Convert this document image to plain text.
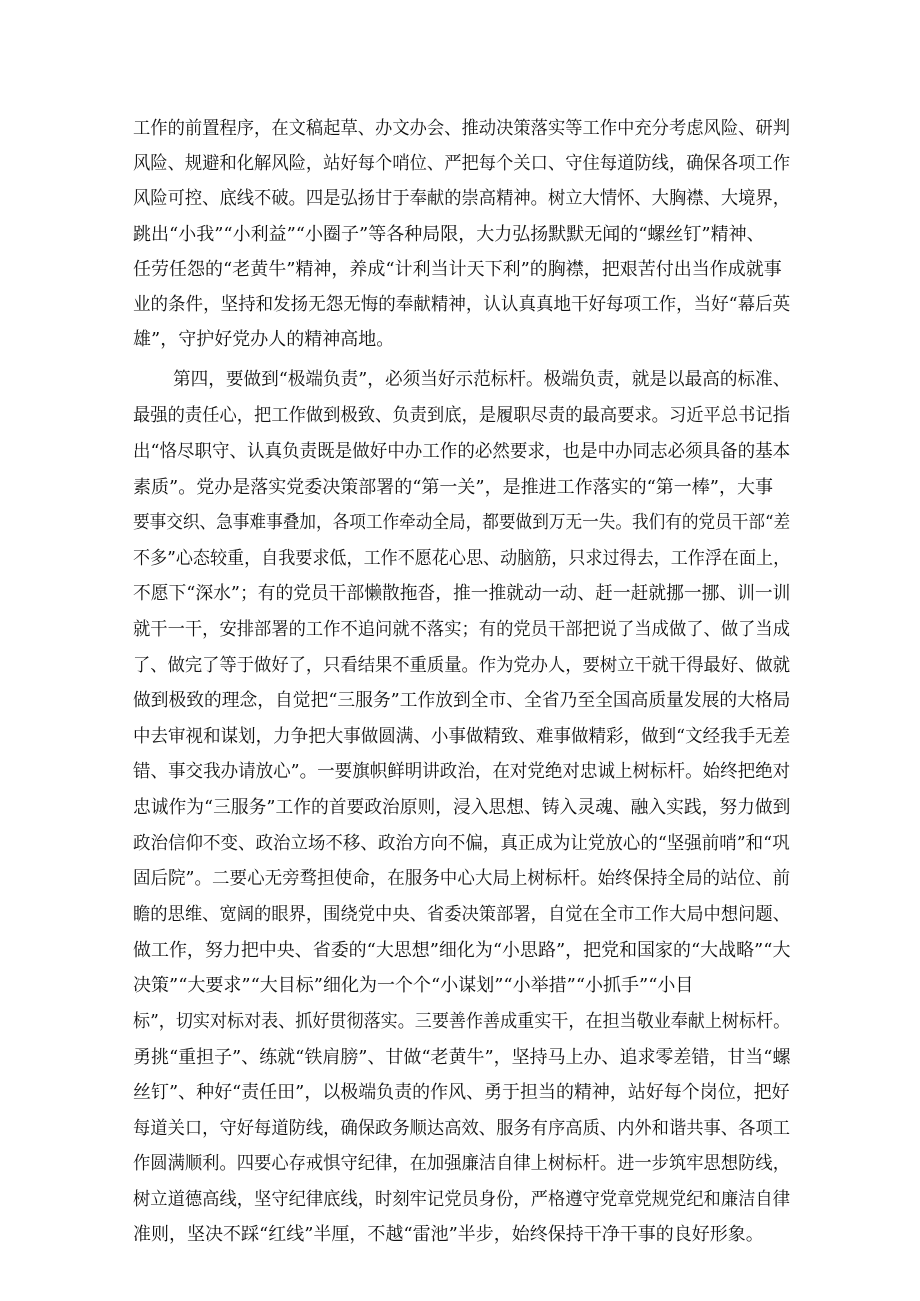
工作的前置程序，在文稿起草、办文办会、推动决策落实等工作中充分考虑风险、研判
风险、规避和化解风险，站好每个哨位、严把每个关口、守住每道防线，确保各项工作
风险可控、底线不破。四是弘扬甘于奉献的崇高精神。树立大情怀、大胸襟、大境界，
跳出“小我”“小利益”“小圈子”等各种局限，大力弘扬默默无闻的“螺丝钉”精神、
任劳任怨的“老黄牛”精神，养成“计利当计天下利”的胸襟，把艰苦付出当作成就事
业的条件，坚持和发扬无怨无悔的奉献精神，认认真真地干好每项工作，当好“幕后英
雄”，守护好党办人的精神高地。
第四，要做到“极端负责”，必须当好示范标杆。极端负责，就是以最高的标准、
最强的责任心，把工作做到极致、负责到底，是履职尽责的最高要求。习近平总书记指
出“恪尽职守、认真负责既是做好中办工作的必然要求，也是中办同志必须具备的基本
素质”。党办是落实党委决策部署的“第一关”，是推进工作落实的“第一棒”，大事
要事交织、急事难事叠加，各项工作牵动全局，都要做到万无一失。我们有的党员干部“差
不多”心态较重，自我要求低，工作不愿花心思、动脑筋，只求过得去，工作浮在面上，
不愿下“深水”；有的党员干部懒散拖沓，推一推就动一动、赶一赶就挪一挪、训一训
就干一干，安排部署的工作不追问就不落实；有的党员干部把说了当成做了、做了当成
了、做完了等于做好了，只看结果不重质量。作为党办人，要树立干就干得最好、做就
做到极致的理念，自觉把“三服务”工作放到全市、全省乃至全国高质量发展的大格局
中去审视和谋划，力争把大事做圆满、小事做精致、难事做精彩，做到“文经我手无差
错、事交我办请放心”。一要旗帜鲜明讲政治，在对党绝对忠诚上树标杆。始终把绝对
忠诚作为“三服务”工作的首要政治原则，浸入思想、铸入灵魂、融入实践，努力做到
政治信仰不变、政治立场不移、政治方向不偏，真正成为让党放心的“坚强前哨”和“巩
固后院”。二要心无旁骛担使命，在服务中心大局上树标杆。始终保持全局的站位、前
瞻的思维、宽阔的眼界，围绕党中央、省委决策部署，自觉在全市工作大局中想问题、
做工作，努力把中央、省委的“大思想”细化为“小思路”，把党和国家的“大战略”“大
决策”“大要求”“大目标”细化为一个个“小谋划”“小举措”“小抓手”“小目
标”，切实对标对表、抓好贯彻落实。三要善作善成重实干，在担当敬业奉献上树标杆。
勇挑“重担子”、练就“铁肩膀”、甘做“老黄牛”，坚持马上办、追求零差错，甘当“螺
丝钉”、种好“责任田”，以极端负责的作风、勇于担当的精神，站好每个岗位，把好
每道关口，守好每道防线，确保政务顺达高效、服务有序高质、内外和谐共事、各项工
作圆满顺利。四要心存戒惧守纪律，在加强廉洁自律上树标杆。进一步筑牢思想防线，
树立道德高线，坚守纪律底线，时刻牢记党员身份，严格遵守党章党规党纪和廉洁自律
准则，坚决不踩“红线”半厘，不越“雷池”半步，始终保持干净干事的良好形象。
